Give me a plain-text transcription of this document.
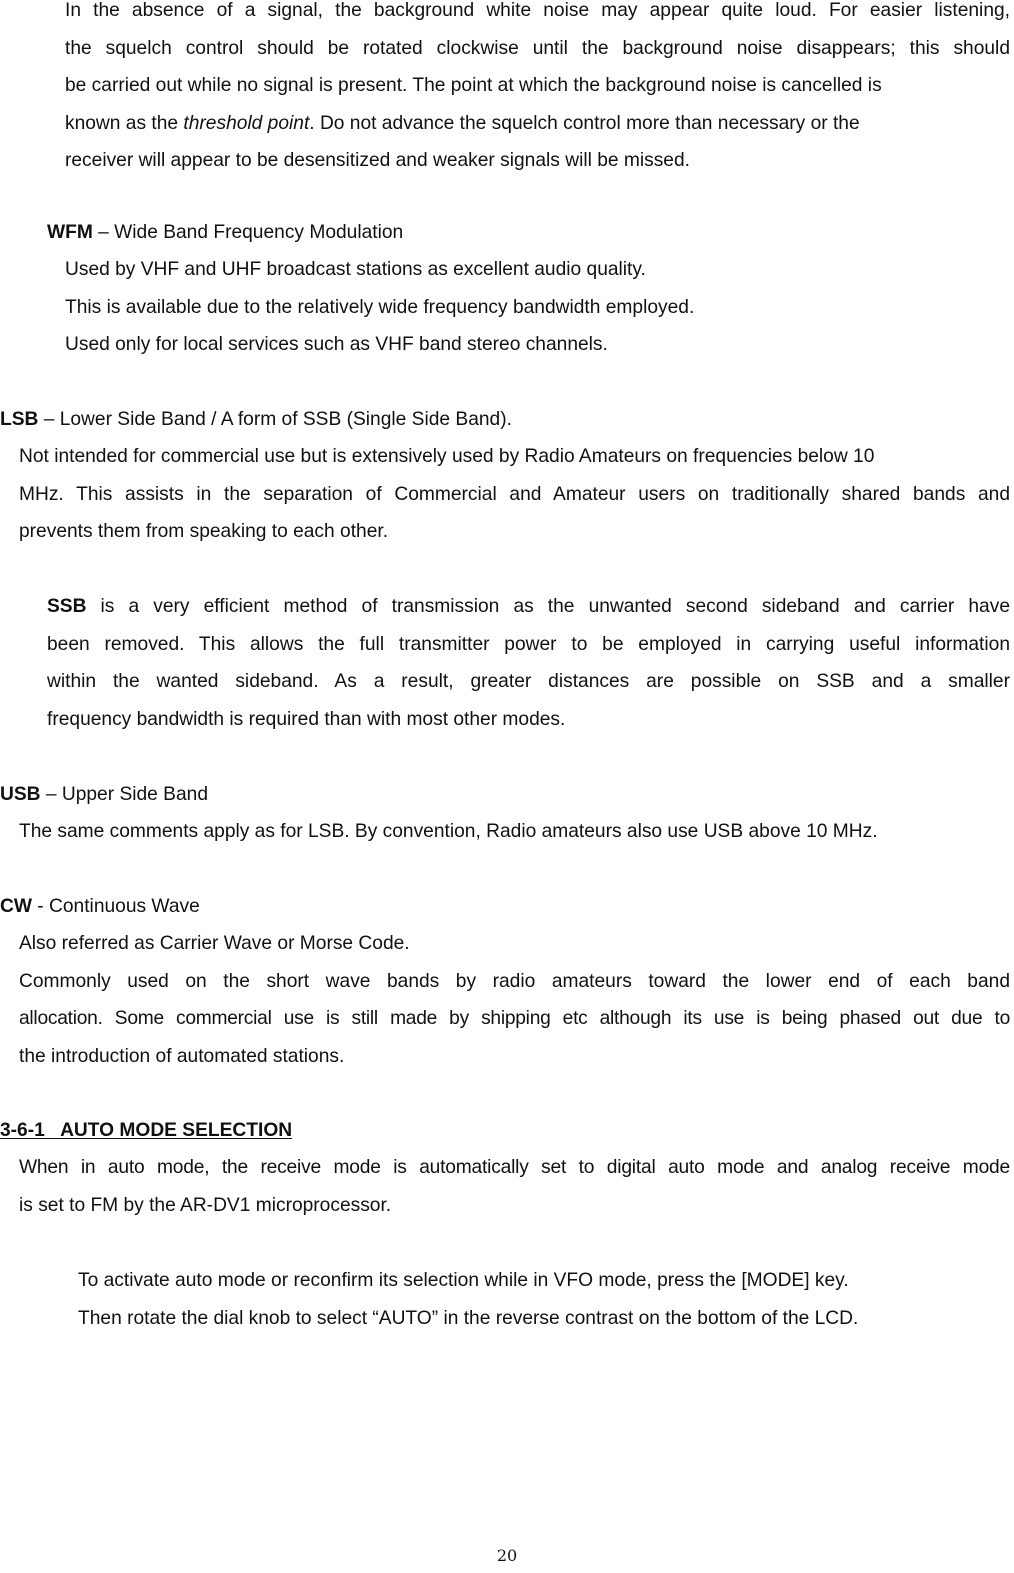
In the absence of a signal, the background white noise may appear quite loud. For easier listening,
the squelch control should be rotated clockwise until the background noise disappears; this should
be carried out while no signal is present. The point at which the background noise is cancelled is
known as the threshold point. Do not advance the squelch control more than necessary or the
receiver will appear to be desensitized and weaker signals will be missed.
WFM – Wide Band Frequency Modulation
Used by VHF and UHF broadcast stations as excellent audio quality.
This is available due to the relatively wide frequency bandwidth employed.
Used only for local services such as VHF band stereo channels.
LSB – Lower Side Band / A form of SSB (Single Side Band).
Not intended for commercial use but is extensively used by Radio Amateurs on frequencies below 10
MHz. This assists in the separation of Commercial and Amateur users on traditionally shared bands and
prevents them from speaking to each other.
SSB is a very efficient method of transmission as the unwanted second sideband and carrier have
been removed. This allows the full transmitter power to be employed in carrying useful information
within the wanted sideband. As a result, greater distances are possible on SSB and a smaller
frequency bandwidth is required than with most other modes.
USB – Upper Side Band
The same comments apply as for LSB. By convention, Radio amateurs also use USB above 10 MHz.
CW - Continuous Wave
Also referred as Carrier Wave or Morse Code.
Commonly used on the short wave bands by radio amateurs toward the lower end of each band
allocation. Some commercial use is still made by shipping etc although its use is being phased out due to
the introduction of automated stations.
3-6-1   AUTO MODE SELECTION
When in auto mode, the receive mode is automatically set to digital auto mode and analog receive mode
is set to FM by the AR-DV1 microprocessor.
To activate auto mode or reconfirm its selection while in VFO mode, press the [MODE] key.
Then rotate the dial knob to select “AUTO” in the reverse contrast on the bottom of the LCD.
20
